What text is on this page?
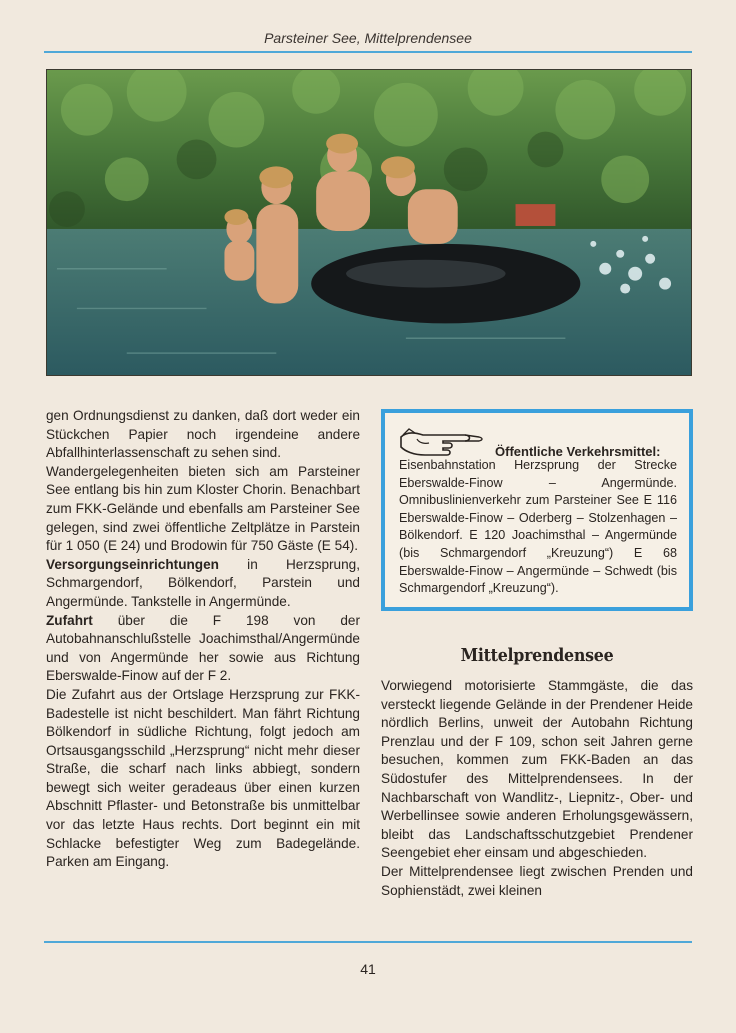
Parsteiner See, Mittelprendensee

gen Ordnungsdienst zu danken, daß dort weder ein Stückchen Papier noch irgendeine andere Abfallhinterlassenschaft zu sehen sind.

Wandergelegenheiten bieten sich am Parsteiner See entlang bis hin zum Kloster Chorin. Benachbart zum FKK-Gelände und ebenfalls am Parsteiner See gelegen, sind zwei öffentliche Zeltplätze in Parstein für 1 050 (E 24) und Brodowin für 750 Gäste (E 54).

Versorgungseinrichtungen in Herzsprung, Schmargendorf, Bölkendorf, Parstein und Angermünde. Tankstelle in Angermünde.

Zufahrt über die F 198 von der Autobahnanschlußstelle Joachimsthal/Angermünde und von Angermünde her sowie aus Richtung Eberswalde-Finow auf der F 2.

Die Zufahrt aus der Ortslage Herzsprung zur FKK-Badestelle ist nicht beschildert. Man fährt Richtung Bölkendorf in südliche Richtung, folgt jedoch am Ortsausgangsschild „Herzsprung“ nicht mehr dieser Straße, die scharf nach links abbiegt, sondern bewegt sich weiter geradeaus über einen kurzen Abschnitt Pflaster- und Betonstraße bis unmittelbar vor das letzte Haus rechts. Dort beginnt ein mit Schlacke befestigter Weg zum Badegelände. Parken am Eingang.

Öffentliche Verkehrsmittel:
Eisenbahnstation Herzsprung der Strecke Eberswalde-Finow – Angermünde. Omnibuslinienverkehr zum Parsteiner See E 116 Eberswalde-Finow – Oderberg – Stolzenhagen – Bölkendorf. E 120 Joachimsthal – Angermünde (bis Schmargendorf „Kreuzung“) E 68 Eberswalde-Finow – Angermünde – Schwedt (bis Schmargendorf „Kreuzung“).
Mittelprendensee

Vorwiegend motorisierte Stammgäste, die das versteckt liegende Gelände in der Prendener Heide nördlich Berlins, unweit der Autobahn Richtung Prenzlau und der F 109, schon seit Jahren gerne besuchen, kommen zum FKK-Baden an das Südostufer des Mittelprendensees. In der Nachbarschaft von Wandlitz-, Liepnitz-, Ober- und Werbellinsee sowie anderen Erholungsgewässern, bleibt das Landschaftsschutzgebiet Prendener Seengebiet eher einsam und abgeschieden.

Der Mittelprendensee liegt zwischen Prenden und Sophienstädt, zwei kleinen

41
